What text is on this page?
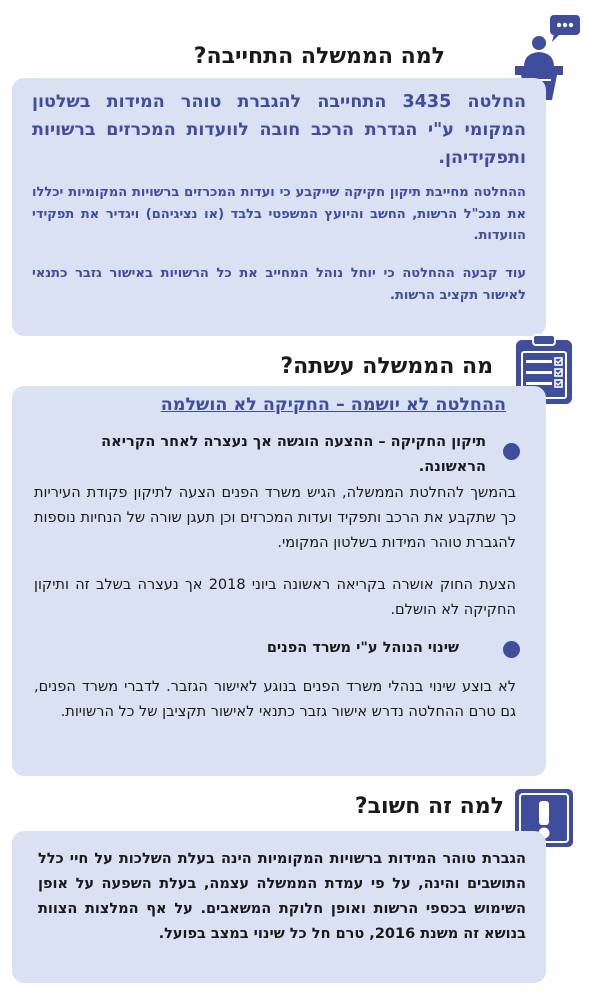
למה הממשלה התחייבה?
החלטה 3435 התחייבה להגברת טוהר המידות בשלטון המקומי ע"י הגדרת הרכב חובה לוועדות המכרזים ברשויות ותפקידיהן.
ההחלטה מחייבת תיקון חקיקה שייקבע כי ועדות המכרזים ברשויות המקומיות יכללו את מנכ"ל הרשות, החשב והיועץ המשפטי בלבד (או נציגיהם) ויגדיר את תפקידי הוועדות.
עוד קבעה ההחלטה כי יוחל נוהל המחייב את כל הרשויות באישור גזבר כתנאי לאישור תקציב הרשות.
מה הממשלה עשתה?
ההחלטה לא יושמה – החקיקה לא הושלמה
תיקון החקיקה – ההצעה הוגשה אך נעצרה לאחר הקריאה הראשונה.
בהמשך להחלטת הממשלה, הגיש משרד הפנים הצעה לתיקון פקודת העיריות כך שתקבע את הרכב ותפקיד ועדות המכרזים וכן תעגן שורה של הנחיות נוספות להגברת טוהר המידות בשלטון המקומי.
הצעת החוק אושרה בקריאה ראשונה ביוני 2018 אך נעצרה בשלב זה ותיקון החקיקה לא הושלם.
שינוי הנוהל ע"י משרד הפנים
לא בוצע שינוי בנהלי משרד הפנים בנוגע לאישור הגזבר. לדברי משרד הפנים, גם טרם ההחלטה נדרש אישור גזבר כתנאי לאישור תקציבן של כל הרשויות.
למה זה חשוב?
הגברת טוהר המידות ברשויות המקומיות הינה בעלת השלכות על חיי כלל התושבים והינה, על פי עמדת הממשלה עצמה, בעלת השפעה על אופן השימוש בכספי הרשות ואופן חלוקת המשאבים. על אף המלצות הצוות בנושא זה משנת 2016, טרם חל כל שינוי במצב בפועל.
